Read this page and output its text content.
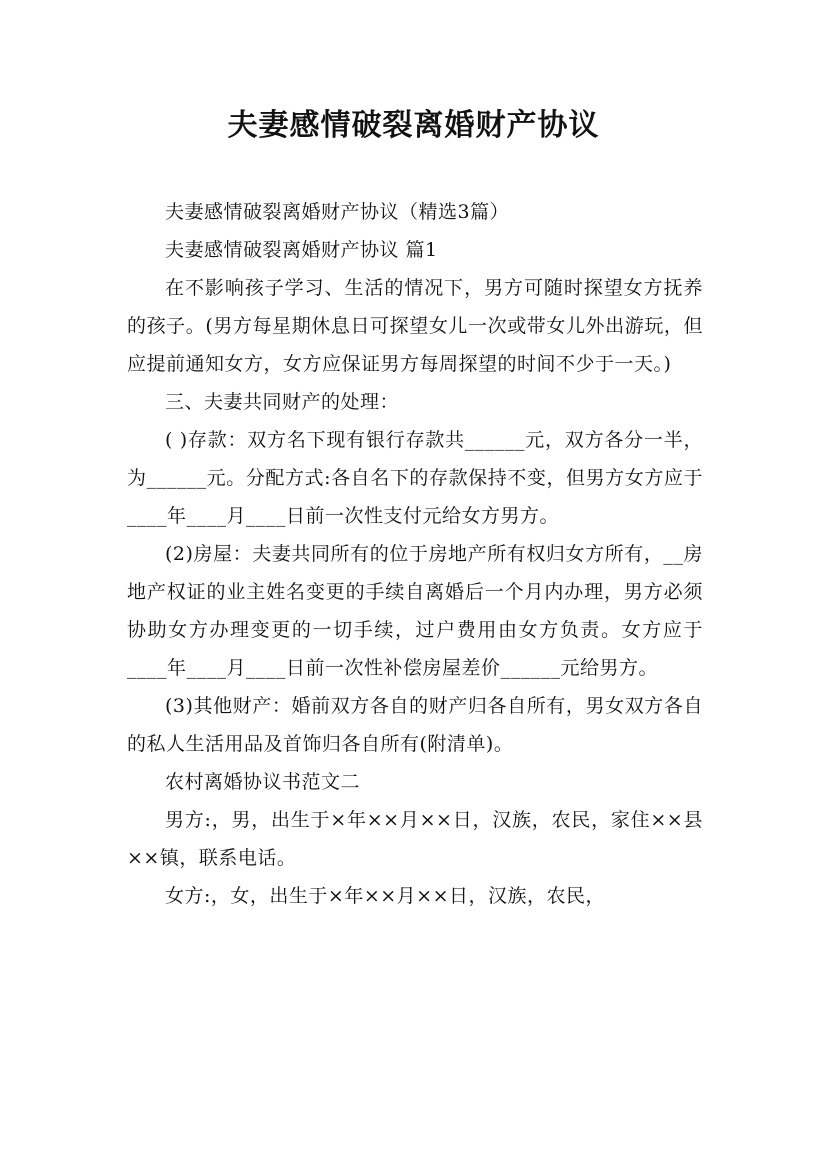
夫妻感情破裂离婚财产协议

夫妻感情破裂离婚财产协议（精选3篇）

夫妻感情破裂离婚财产协议 篇1

在不影响孩子学习、生活的情况下，男方可随时探望女方抚养的孩子。(男方每星期休息日可探望女儿一次或带女儿外出游玩，但应提前通知女方，女方应保证男方每周探望的时间不少于一天。)

三、夫妻共同财产的处理：

( )存款：双方名下现有银行存款共______元，双方各分一半，为______元。分配方式:各自名下的存款保持不变，但男方女方应于____年____月____日前一次性支付元给女方男方。

(2)房屋：夫妻共同所有的位于房地产所有权归女方所有，__房地产权证的业主姓名变更的手续自离婚后一个月内办理，男方必须协助女方办理变更的一切手续，过户费用由女方负责。女方应于____年____月____日前一次性补偿房屋差价______元给男方。

(3)其他财产：婚前双方各自的财产归各自所有，男女双方各自的私人生活用品及首饰归各自所有(附清单)。

农村离婚协议书范文二

男方:，男，出生于×年××月××日，汉族，农民，家住××县××镇，联系电话。

女方:，女，出生于×年××月××日，汉族，农民，
